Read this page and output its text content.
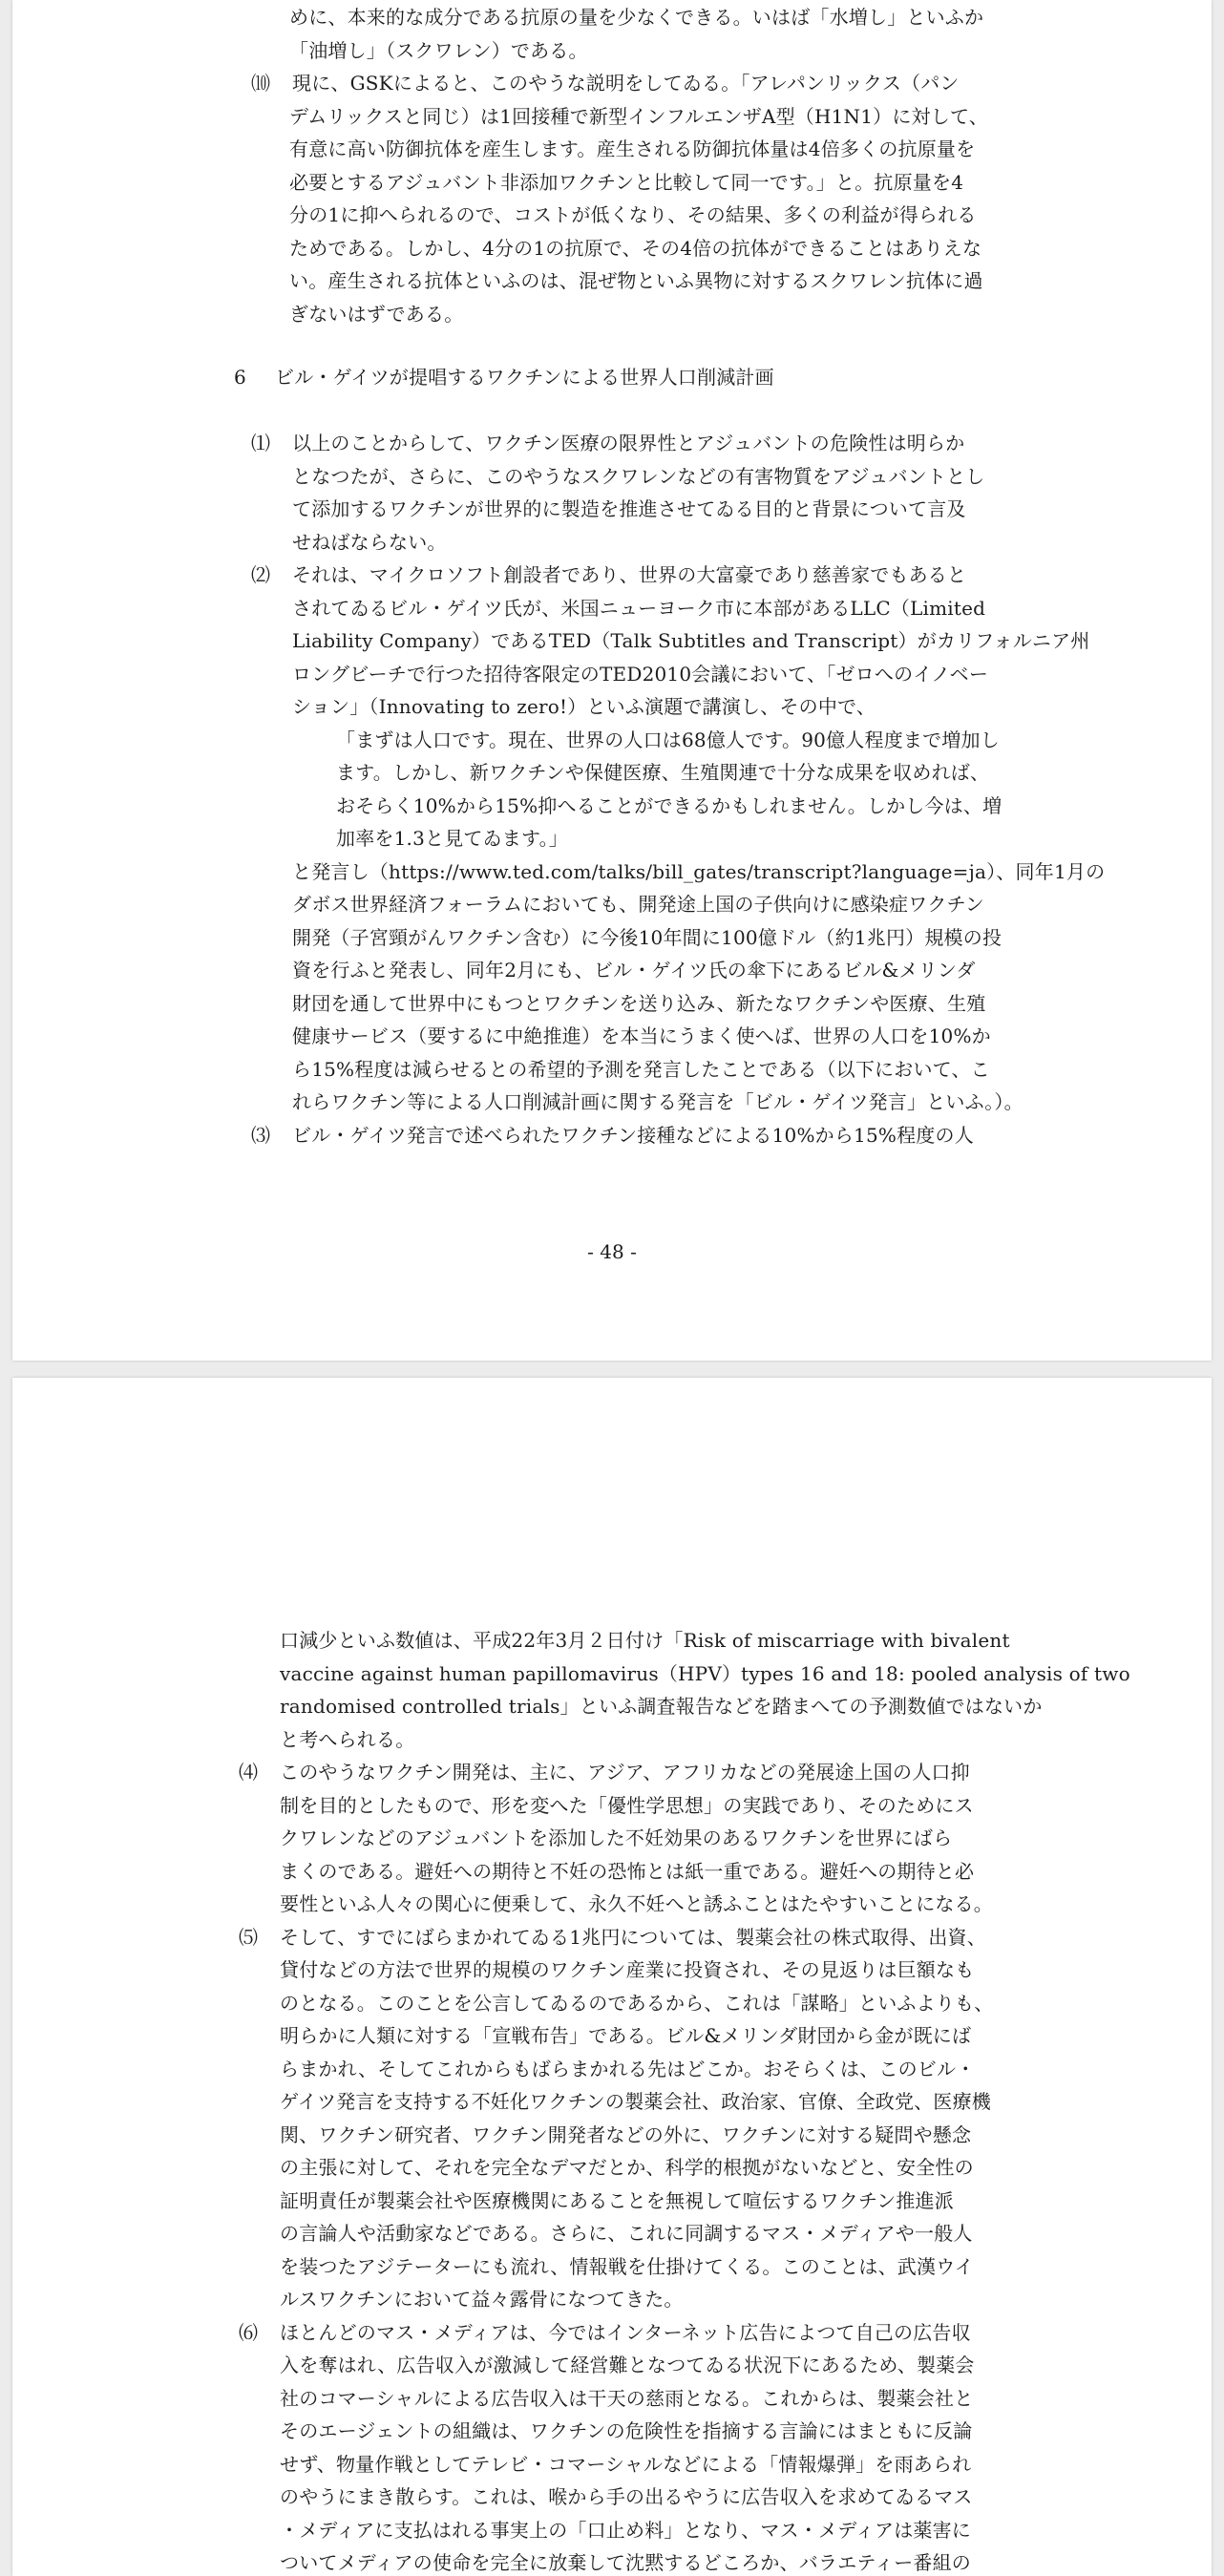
めに、本来的な成分である抗原の量を少なくできる。いはば「水増し」といふか
「油増し」（スクワレン）である。
⑽ 現に、GSKによると、このやうな説明をしてゐる。「アレパンリックス（パン
デムリックスと同じ）は1回接種で新型インフルエンザA型（H1N1）に対して、
有意に高い防御抗体を産生します。産生される防御抗体量は4倍多くの抗原量を
必要とするアジュバント非添加ワクチンと比較して同一です。」と。抗原量を4
分の1に抑へられるので、コストが低くなり、その結果、多くの利益が得られる
ためである。しかし、4分の1の抗原で、その4倍の抗体ができることはありえな
い。産生される抗体といふのは、混ぜ物といふ異物に対するスクワレン抗体に過
ぎないはずである。
6 ビル・ゲイツが提唱するワクチンによる世界人口削減計画
⑴ 以上のことからして、ワクチン医療の限界性とアジュバントの危険性は明らか
となつたが、さらに、このやうなスクワレンなどの有害物質をアジュバントとし
て添加するワクチンが世界的に製造を推進させてゐる目的と背景について言及
せねばならない。
⑵ それは、マイクロソフト創設者であり、世界の大富豪であり慈善家でもあると
されてゐるビル・ゲイツ氏が、米国ニューヨーク市に本部があるLLC（Limited
Liability Company）であるTED（Talk Subtitles and Transcript）がカリフォルニア州
ロングビーチで行つた招待客限定のTED2010会議において、「ゼロへのイノベー
ション」（Innovating to zero!）といふ演題で講演し、その中で、
「まずは人口です。現在、世界の人口は68億人です。90億人程度まで増加し
ます。しかし、新ワクチンや保健医療、生殖関連で十分な成果を収めれば、
おそらく10%から15%抑へることができるかもしれません。しかし今は、増
加率を1.3と見てゐます。」
と発言し（https://www.ted.com/talks/bill_gates/transcript?language=ja）、同年1月の
ダボス世界経済フォーラムにおいても、開発途上国の子供向けに感染症ワクチン
開発（子宮頸がんワクチン含む）に今後10年間に100億ドル（約1兆円）規模の投
資を行ふと発表し、同年2月にも、ビル・ゲイツ氏の傘下にあるビル&メリンダ
財団を通して世界中にもつとワクチンを送り込み、新たなワクチンや医療、生殖
健康サービス（要するに中絶推進）を本当にうまく使へば、世界の人口を10%か
ら15%程度は減らせるとの希望的予測を発言したことである（以下において、こ
れらワクチン等による人口削減計画に関する発言を「ビル・ゲイツ発言」といふ。）。
⑶ ビル・ゲイツ発言で述べられたワクチン接種などによる10%から15%程度の人
- 48 -
口減少といふ数値は、平成22年3月２日付け「Risk of miscarriage with bivalent
vaccine against human papillomavirus（HPV）types 16 and 18: pooled analysis of two
randomised controlled trials」といふ調査報告などを踏まへての予測数値ではないか
と考へられる。
⑷ このやうなワクチン開発は、主に、アジア、アフリカなどの発展途上国の人口抑
制を目的としたもので、形を変へた「優性学思想」の実践であり、そのためにス
クワレンなどのアジュバントを添加した不妊効果のあるワクチンを世界にばら
まくのである。避妊への期待と不妊の恐怖とは紙一重である。避妊への期待と必
要性といふ人々の関心に便乗して、永久不妊へと誘ふことはたやすいことになる。
⑸ そして、すでにばらまかれてゐる1兆円については、製薬会社の株式取得、出資、
貸付などの方法で世界的規模のワクチン産業に投資され、その見返りは巨額なも
のとなる。このことを公言してゐるのであるから、これは「謀略」といふよりも、
明らかに人類に対する「宣戦布告」である。ビル&メリンダ財団から金が既にば
らまかれ、そしてこれからもばらまかれる先はどこか。おそらくは、このビル・
ゲイツ発言を支持する不妊化ワクチンの製薬会社、政治家、官僚、全政党、医療機
関、ワクチン研究者、ワクチン開発者などの外に、ワクチンに対する疑問や懸念
の主張に対して、それを完全なデマだとか、科学的根拠がないなどと、安全性の
証明責任が製薬会社や医療機関にあることを無視して喧伝するワクチン推進派
の言論人や活動家などである。さらに、これに同調するマス・メディアや一般人
を装つたアジテーターにも流れ、情報戦を仕掛けてくる。このことは、武漢ウイ
ルスワクチンにおいて益々露骨になつてきた。
⑹ ほとんどのマス・メディアは、今ではインターネット広告によつて自己の広告収
入を奪はれ、広告収入が激減して経営難となつてゐる状況下にあるため、製薬会
社のコマーシャルによる広告収入は干天の慈雨となる。これからは、製薬会社と
そのエージェントの組織は、ワクチンの危険性を指摘する言論にはまともに反論
せず、物量作戦としてテレビ・コマーシャルなどによる「情報爆弾」を雨あられ
のやうにまき散らす。これは、喉から手の出るやうに広告収入を求めてゐるマス
・メディアに支払はれる事実上の「口止め料」となり、マス・メディアは薬害に
ついてメディアの使命を完全に放棄して沈黙するどころか、バラエティー番組の
